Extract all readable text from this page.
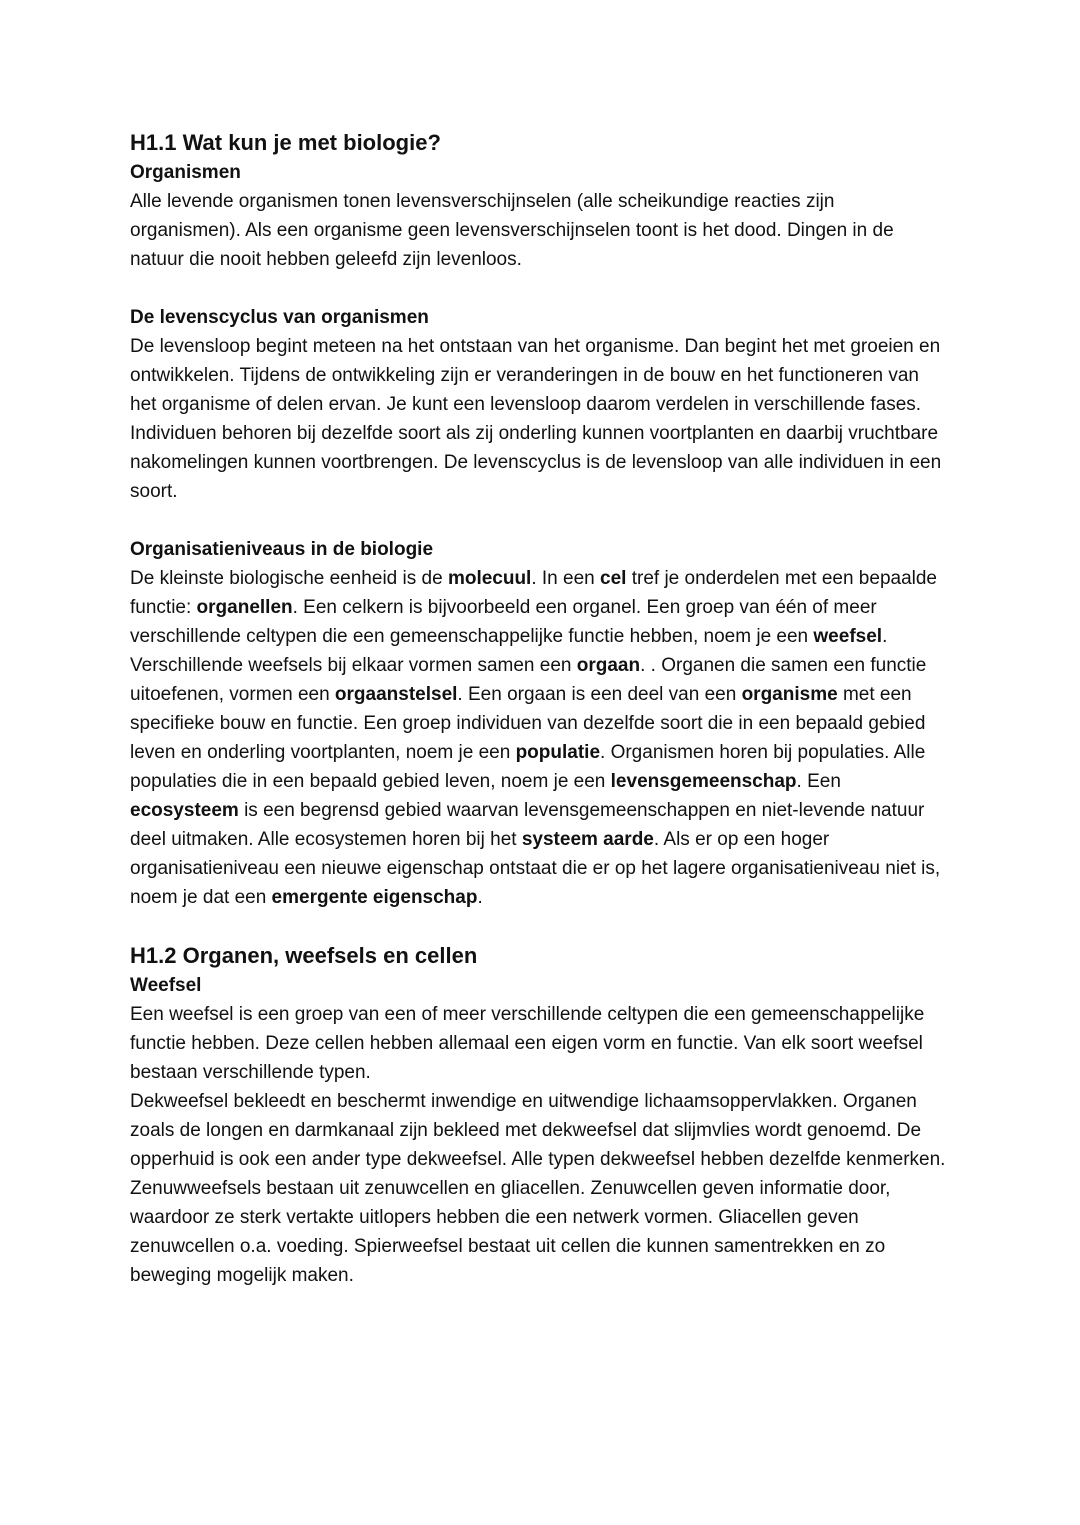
H1.1 Wat kun je met biologie?
Organismen
Alle levende organismen tonen levensverschijnselen (alle scheikundige reacties zijn organismen). Als een organisme geen levensverschijnselen toont is het dood. Dingen in de natuur die nooit hebben geleefd zijn levenloos.
De levenscyclus van organismen
De levensloop begint meteen na het ontstaan van het organisme. Dan begint het met groeien en ontwikkelen. Tijdens de ontwikkeling zijn er veranderingen in de bouw en het functioneren van het organisme of delen ervan. Je kunt een levensloop daarom verdelen in verschillende fases.
Individuen behoren bij dezelfde soort als zij onderling kunnen voortplanten en daarbij vruchtbare nakomelingen kunnen voortbrengen. De levenscyclus is de levensloop van alle individuen in een soort.
Organisatieniveaus in de biologie
De kleinste biologische eenheid is de molecuul. In een cel tref je onderdelen met een bepaalde functie: organellen. Een celkern is bijvoorbeeld een organel. Een groep van één of meer verschillende celtypen die een gemeenschappelijke functie hebben, noem je een weefsel. Verschillende weefsels bij elkaar vormen samen een orgaan. . Organen die samen een functie uitoefenen, vormen een orgaanstelsel. Een orgaan is een deel van een organisme met een specifieke bouw en functie. Een groep individuen van dezelfde soort die in een bepaald gebied leven en onderling voortplanten, noem je een populatie. Organismen horen bij populaties. Alle populaties die in een bepaald gebied leven, noem je een levensgemeenschap. Een ecosysteem is een begrensd gebied waarvan levensgemeenschappen en niet-levende natuur deel uitmaken. Alle ecosystemen horen bij het systeem aarde. Als er op een hoger organisatieniveau een nieuwe eigenschap ontstaat die er op het lagere organisatieniveau niet is, noem je dat een emergente eigenschap.
H1.2 Organen, weefsels en cellen
Weefsel
Een weefsel is een groep van een of meer verschillende celtypen die een gemeenschappelijke functie hebben. Deze cellen hebben allemaal een eigen vorm en functie. Van elk soort weefsel bestaan verschillende typen.
Dekweefsel bekleedt en beschermt inwendige en uitwendige lichaamsoppervlakken. Organen zoals de longen en darmkanaal zijn bekleed met dekweefsel dat slijmvlies wordt genoemd. De opperhuid is ook een ander type dekweefsel. Alle typen dekweefsel hebben dezelfde kenmerken. Zenuwweefsels bestaan uit zenuwcellen en gliacellen. Zenuwcellen geven informatie door, waardoor ze sterk vertakte uitlopers hebben die een netwerk vormen. Gliacellen geven zenuwcellen o.a. voeding. Spierweefsel bestaat uit cellen die kunnen samentrekken en zo beweging mogelijk maken.
